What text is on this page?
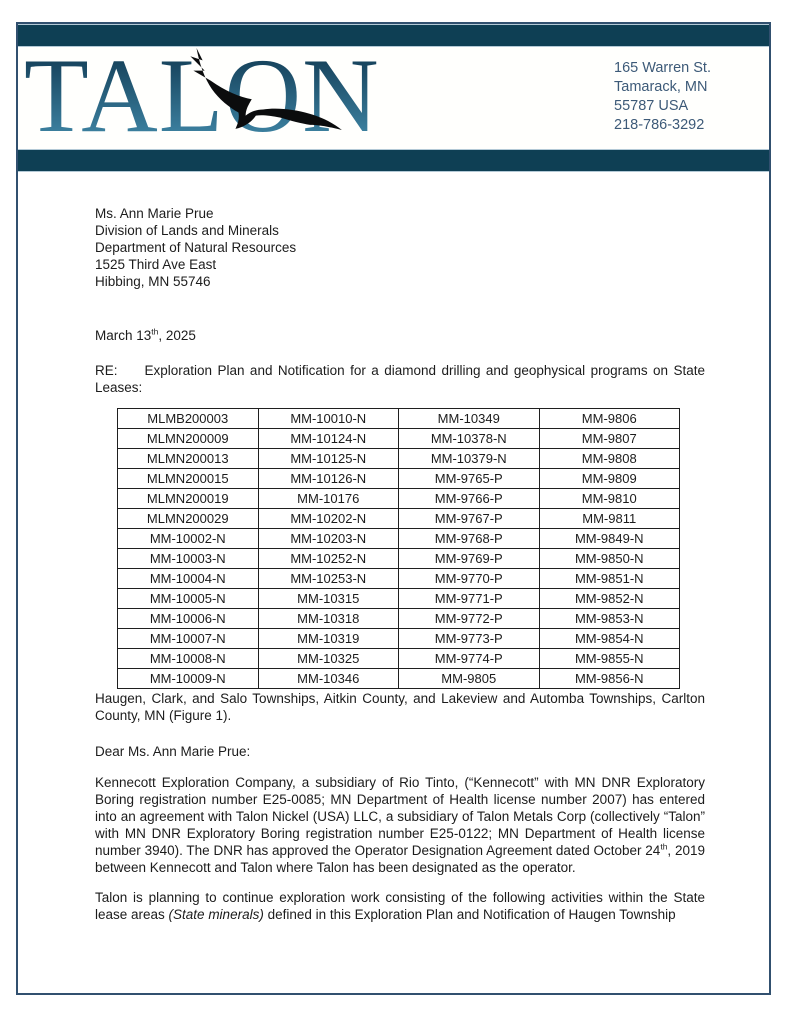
TALON	165 Warren St.
Tamarack, MN
55787 USA
218-786-3292
Ms. Ann Marie Prue
Division of Lands and Minerals
Department of Natural Resources
1525 Third Ave East
Hibbing, MN 55746

March 13th, 2025

RE: Exploration Plan and Notification for a diamond drilling and geophysical programs on State Leases:

MLMB200003	MM-10010-N	MM-10349	MM-9806
MLMN200009	MM-10124-N	MM-10378-N	MM-9807
MLMN200013	MM-10125-N	MM-10379-N	MM-9808
MLMN200015	MM-10126-N	MM-9765-P	MM-9809
MLMN200019	MM-10176	MM-9766-P	MM-9810
MLMN200029	MM-10202-N	MM-9767-P	MM-9811
MM-10002-N	MM-10203-N	MM-9768-P	MM-9849-N
MM-10003-N	MM-10252-N	MM-9769-P	MM-9850-N
MM-10004-N	MM-10253-N	MM-9770-P	MM-9851-N
MM-10005-N	MM-10315	MM-9771-P	MM-9852-N
MM-10006-N	MM-10318	MM-9772-P	MM-9853-N
MM-10007-N	MM-10319	MM-9773-P	MM-9854-N
MM-10008-N	MM-10325	MM-9774-P	MM-9855-N
MM-10009-N	MM-10346	MM-9805	MM-9856-N

Haugen, Clark, and Salo Townships, Aitkin County, and Lakeview and Automba Townships, Carlton County, MN (Figure 1).

Dear Ms. Ann Marie Prue:

Kennecott Exploration Company, a subsidiary of Rio Tinto, (“Kennecott” with MN DNR Exploratory Boring registration number E25-0085; MN Department of Health license number 2007) has entered into an agreement with Talon Nickel (USA) LLC, a subsidiary of Talon Metals Corp (collectively “Talon” with MN DNR Exploratory Boring registration number E25-0122; MN Department of Health license number 3940). The DNR has approved the Operator Designation Agreement dated October 24th, 2019 between Kennecott and Talon where Talon has been designated as the operator.

Talon is planning to continue exploration work consisting of the following activities within the State lease areas (State minerals) defined in this Exploration Plan and Notification of Haugen Township
